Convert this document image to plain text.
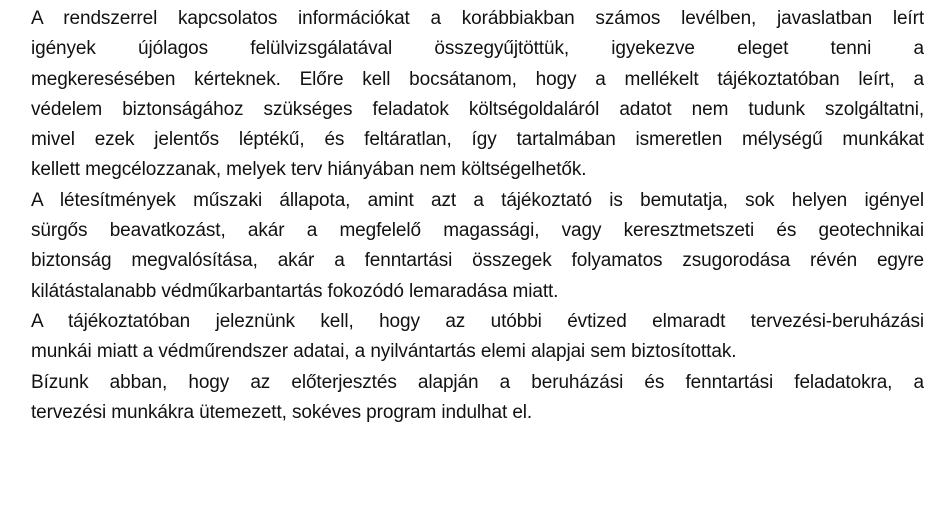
A rendszerrel kapcsolatos információkat a korábbiakban számos levélben, javaslatban leírt
igények újólagos felülvizsgálatával összegyűjtöttük, igyekezve eleget tenni a
megkeresésében kérteknek. Előre kell bocsátanom, hogy a mellékelt tájékoztatóban leírt, a
védelem biztonságához szükséges feladatok költségoldaláról adatot nem tudunk szolgáltatni,
mivel ezek jelentős léptékű, és feltáratlan, így tartalmában ismeretlen mélységű munkákat
kellett megcélozzanak, melyek terv hiányában nem költségelhetők.
A létesítmények műszaki állapota, amint azt a tájékoztató is bemutatja, sok helyen igényel
sürgős beavatkozást, akár a megfelelő magassági, vagy keresztmetszeti és geotechnikai
biztonság megvalósítása, akár a fenntartási összegek folyamatos zsugorodása révén egyre
kilátástalanabb védműkarbantartás fokozódó lemaradása miatt.
A tájékoztatóban jeleznünk kell, hogy az utóbbi évtized elmaradt tervezési-beruházási
munkái miatt a védműrendszer adatai, a nyilvántartás elemi alapjai sem biztosítottak.
Bízunk abban, hogy az előterjesztés alapján a beruházási és fenntartási feladatokra, a
tervezési munkákra ütemezett, sokéves program indulhat el.
